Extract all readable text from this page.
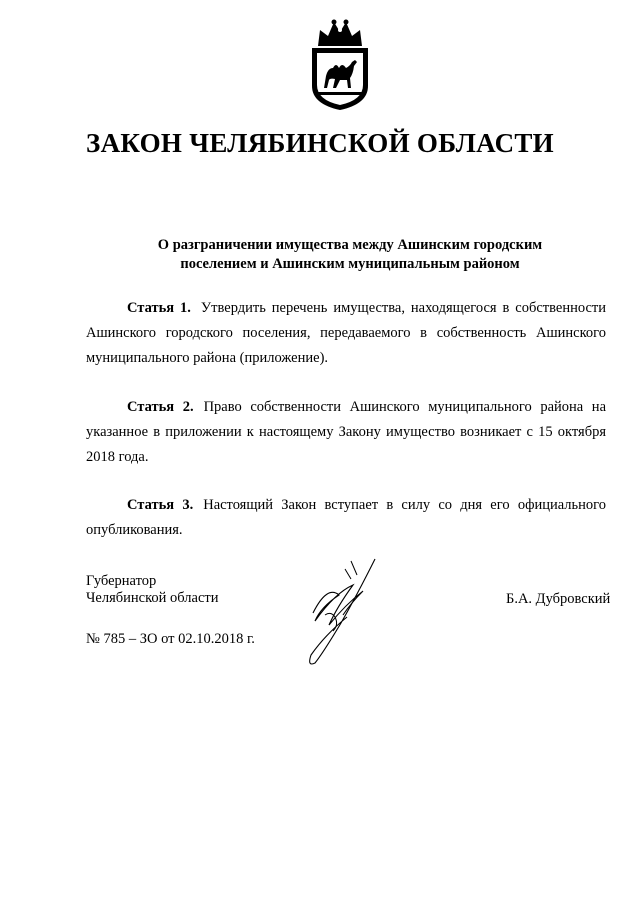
ЗАКОН ЧЕЛЯБИНСКОЙ ОБЛАСТИ
О разграничении имущества между Ашинским городским
поселением и Ашинским муниципальным районом
Статья 1. Утвердить перечень имущества, находящегося в собственности Ашинского городского поселения, передаваемого в собственность Ашинского муниципального района (приложение).
Статья 2. Право собственности Ашинского муниципального района на указанное в приложении к настоящему Закону имущество возникает с 15 октября 2018 года.
Статья 3. Настоящий Закон вступает в силу со дня его официального опубликования.
Губернатор
Челябинской области	Б.А. Дубровский
№ 785 – ЗО от 02.10.2018 г.
